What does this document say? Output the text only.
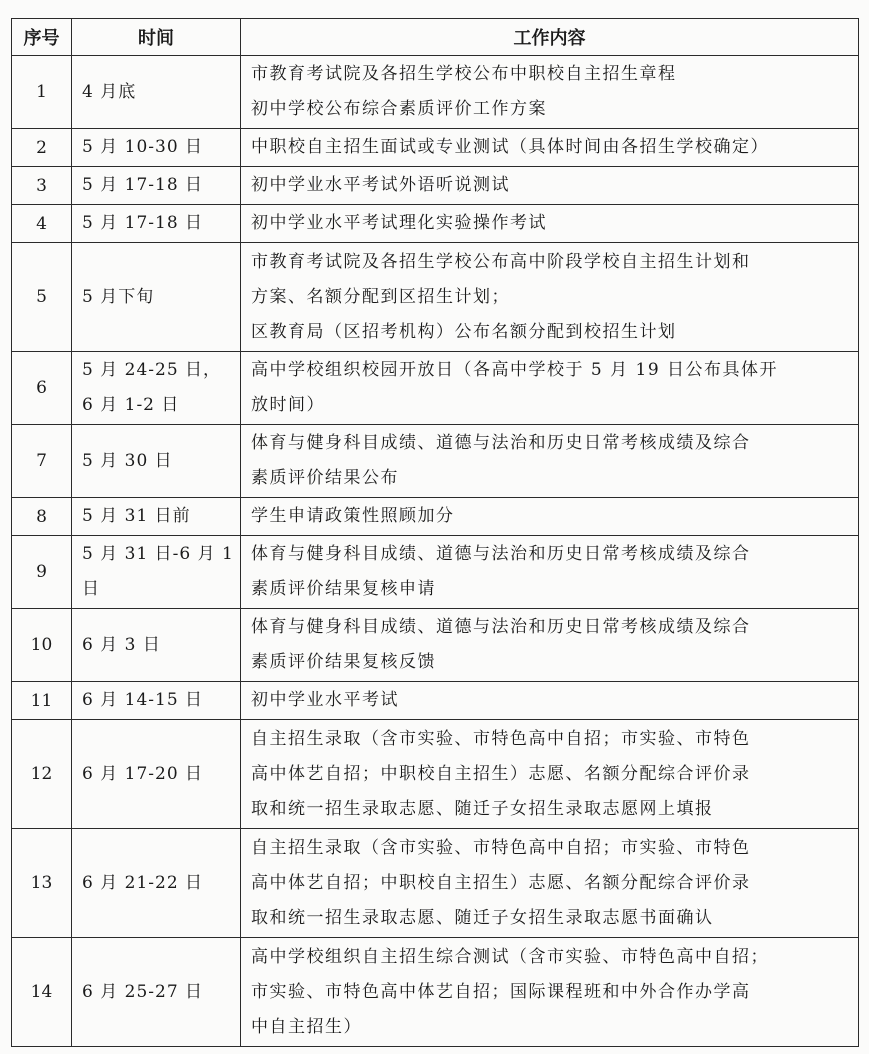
序号	时间	工作内容
1	4 月底	市教育考试院及各招生学校公布中职校自主招生章程
初中学校公布综合素质评价工作方案

2	5 月 10-30 日	中职校自主招生面试或专业测试（具体时间由各招生学校确定）

3	5 月 17-18 日	初中学业水平考试外语听说测试

4	5 月 17-18 日	初中学业水平考试理化实验操作考试

5	5 月下旬	市教育考试院及各招生学校公布高中阶段学校自主招生计划和
方案、名额分配到区招生计划；
区教育局（区招考机构）公布名额分配到校招生计划

6	5 月 24-25 日，
6 月 1-2 日	高中学校组织校园开放日（各高中学校于 5 月 19 日公布具体开
放时间）

7	5 月 30 日	体育与健身科目成绩、道德与法治和历史日常考核成绩及综合
素质评价结果公布

8	5 月 31 日前	学生申请政策性照顾加分

9	5 月 31 日-6 月 1
日	体育与健身科目成绩、道德与法治和历史日常考核成绩及综合
素质评价结果复核申请

10	6 月 3 日	体育与健身科目成绩、道德与法治和历史日常考核成绩及综合
素质评价结果复核反馈

11	6 月 14-15 日	初中学业水平考试

12	6 月 17-20 日	自主招生录取（含市实验、市特色高中自招；市实验、市特色
高中体艺自招；中职校自主招生）志愿、名额分配综合评价录
取和统一招生录取志愿、随迁子女招生录取志愿网上填报

13	6 月 21-22 日	自主招生录取（含市实验、市特色高中自招；市实验、市特色
高中体艺自招；中职校自主招生）志愿、名额分配综合评价录
取和统一招生录取志愿、随迁子女招生录取志愿书面确认

14	6 月 25-27 日	高中学校组织自主招生综合测试（含市实验、市特色高中自招；
市实验、市特色高中体艺自招；国际课程班和中外合作办学高
中自主招生）
